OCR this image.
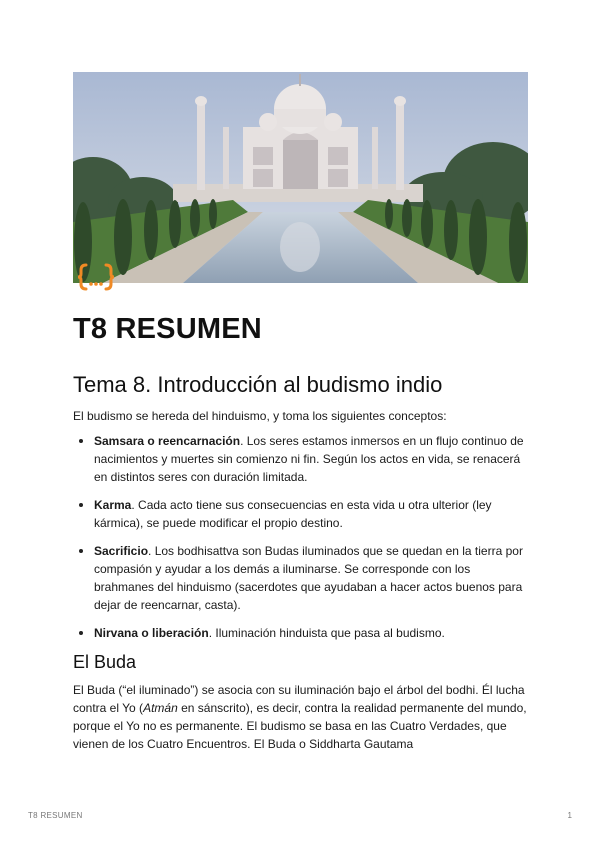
T8 RESUMEN
Tema 8. Introducción al budismo indio

El budismo se hereda del hinduismo, y toma los siguientes conceptos:

Samsara o reencarnación. Los seres estamos inmersos en un flujo continuo de nacimientos y muertes sin comienzo ni fin. Según los actos en vida, se renacerá en distintos seres con duración limitada.
Karma. Cada acto tiene sus consecuencias en esta vida u otra ulterior (ley kármica), se puede modificar el propio destino.
Sacrificio. Los bodhisattva son Budas iluminados que se quedan en la tierra por compasión y ayudar a los demás a iluminarse. Se corresponde con los brahmanes del hinduismo (sacerdotes que ayudaban a hacer actos buenos para dejar de reencarnar, casta).
Nirvana o liberación. Iluminación hinduista que pasa al budismo.
El Buda

El Buda (“el iluminado”) se asocia con su iluminación bajo el árbol del bodhi. Él lucha contra el Yo (Atmán en sánscrito), es decir, contra la realidad permanente del mundo, porque el Yo no es permanente. El budismo se basa en las Cuatro Verdades, que vienen de los Cuatro Encuentros. El Buda o Siddharta Gautama

T8 RESUMEN	1
